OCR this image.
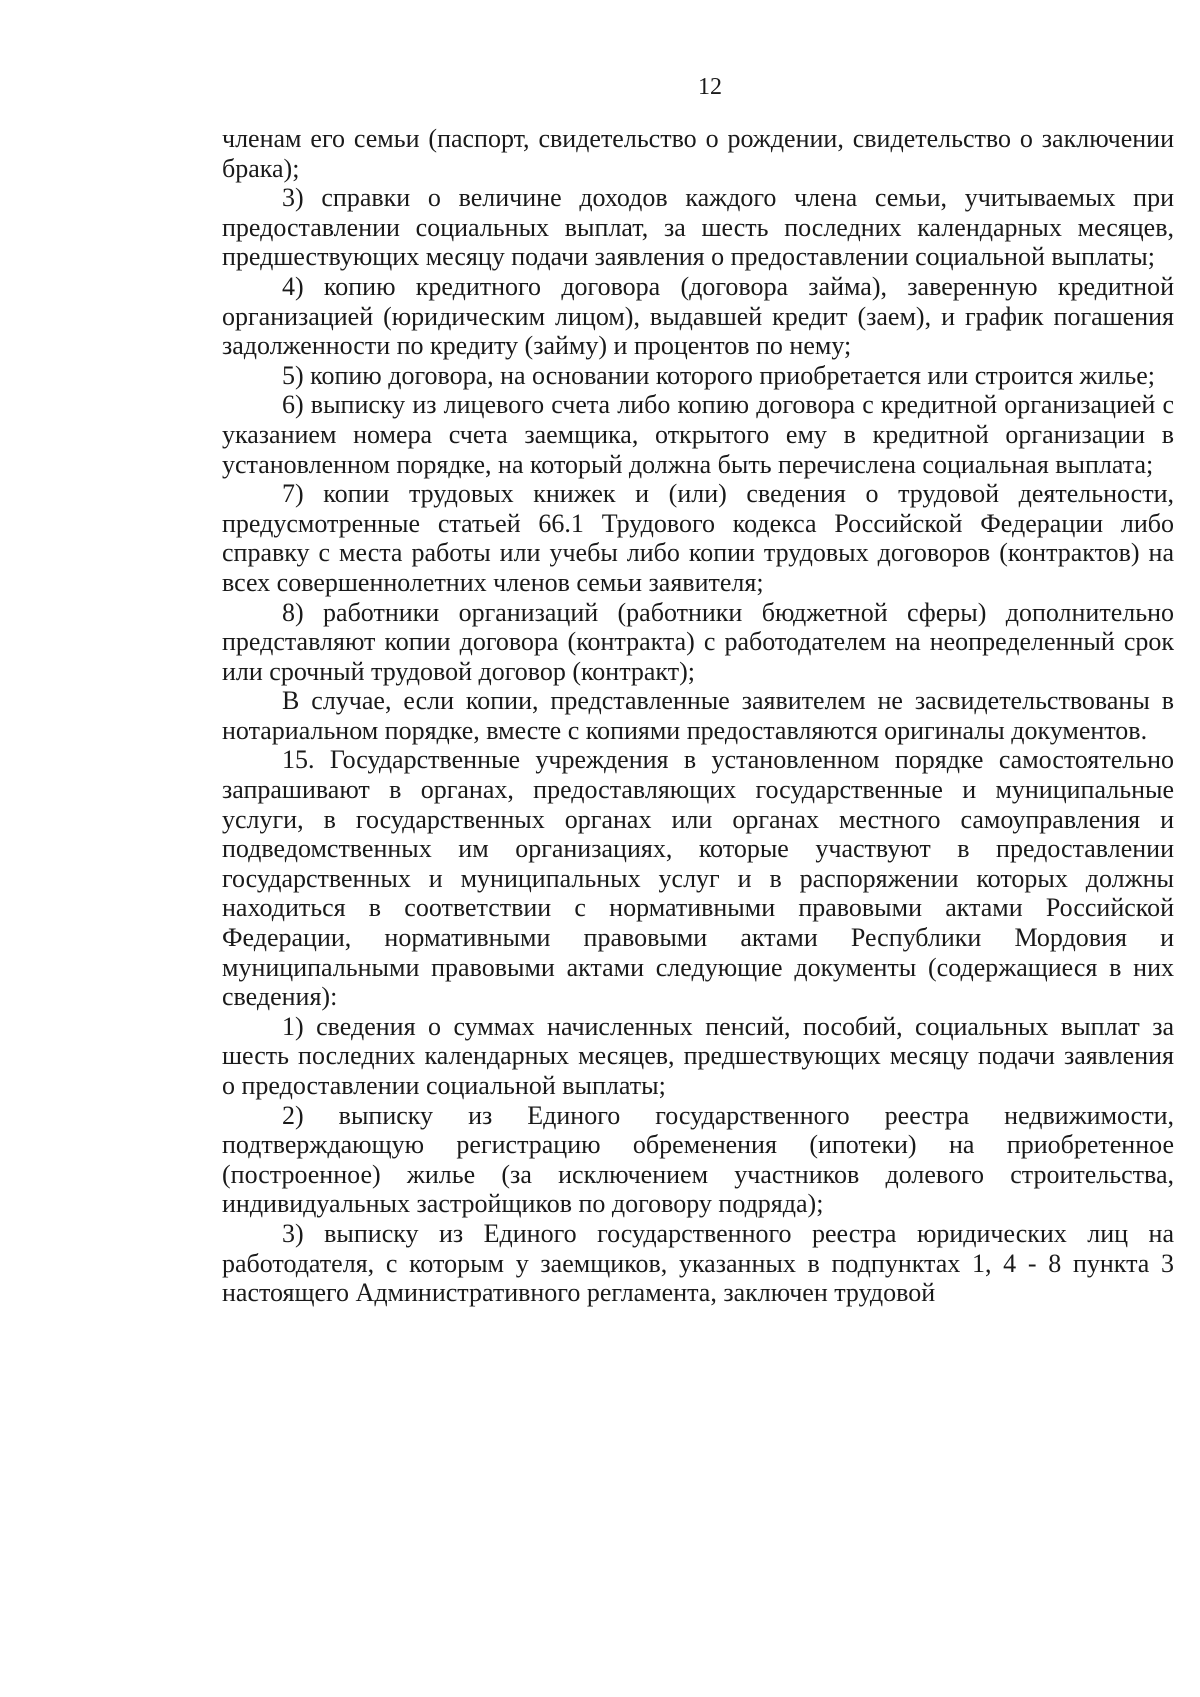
12

членам его семьи (паспорт, свидетельство о рождении, свидетельство о заключении брака);

3) справки о величине доходов каждого члена семьи, учитываемых при предоставлении социальных выплат, за шесть последних календарных месяцев, предшествующих месяцу подачи заявления о предоставлении социальной выплаты;

4) копию кредитного договора (договора займа), заверенную кредитной организацией (юридическим лицом), выдавшей кредит (заем), и график погашения задолженности по кредиту (займу) и процентов по нему;

5) копию договора, на основании которого приобретается или строится жилье;

6) выписку из лицевого счета либо копию договора с кредитной организацией с указанием номера счета заемщика, открытого ему в кредитной организации в установленном порядке, на который должна быть перечислена социальная выплата;

7) копии трудовых книжек и (или) сведения о трудовой деятельности, предусмотренные статьей 66.1 Трудового кодекса Российской Федерации либо справку с места работы или учебы либо копии трудовых договоров (контрактов) на всех совершеннолетних членов семьи заявителя;

8) работники организаций (работники бюджетной сферы) дополнительно представляют копии договора (контракта) с работодателем на неопределенный срок или срочный трудовой договор (контракт);

В случае, если копии, представленные заявителем не засвидетельствованы в нотариальном порядке, вместе с копиями предоставляются оригиналы документов.

15. Государственные учреждения в установленном порядке самостоятельно запрашивают в органах, предоставляющих государственные и муниципальные услуги, в государственных органах или органах местного самоуправления и подведомственных им организациях, которые участвуют в предоставлении государственных и муниципальных услуг и в распоряжении которых должны находиться в соответствии с нормативными правовыми актами Российской Федерации, нормативными правовыми актами Республики Мордовия и муниципальными правовыми актами следующие документы (содержащиеся в них сведения):

1) сведения о суммах начисленных пенсий, пособий, социальных выплат за шесть последних календарных месяцев, предшествующих месяцу подачи заявления о предоставлении социальной выплаты;

2) выписку из Единого государственного реестра недвижимости, подтверждающую регистрацию обременения (ипотеки) на приобретенное (построенное) жилье (за исключением участников долевого строительства, индивидуальных застройщиков по договору подряда);

3) выписку из Единого государственного реестра юридических лиц на работодателя, с которым у заемщиков, указанных в подпунктах 1, 4 - 8 пункта 3 настоящего Административного регламента, заключен трудовой
